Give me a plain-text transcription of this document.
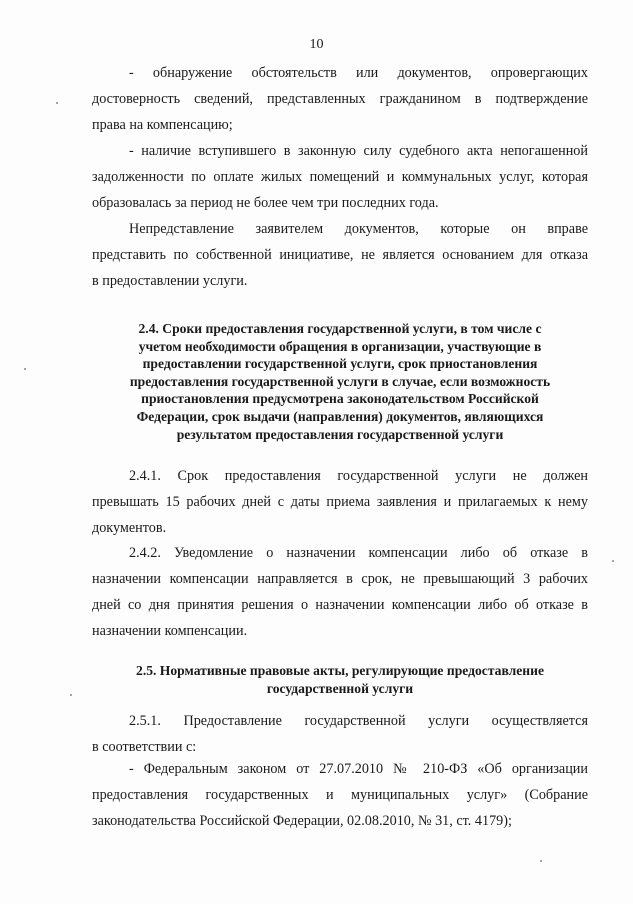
10

- обнаружение обстоятельств или документов, опровергающих

достоверность сведений, представленных гражданином в подтверждение

права на компенсацию;

- наличие вступившего в законную силу судебного акта непогашенной

задолженности по оплате жилых помещений и коммунальных услуг, которая

образовалась за период не более чем три последних года.

Непредставление заявителем документов, которые он вправе

представить по собственной инициативе, не является основанием для отказа

в предоставлении услуги.

2.4. Сроки предоставления государственной услуги, в том числе с

учетом необходимости обращения в организации, участвующие в

предоставлении государственной услуги, срок приостановления

предоставления государственной услуги в случае, если возможность

приостановления предусмотрена законодательством Российской

Федерации, срок выдачи (направления) документов, являющихся

результатом предоставления государственной услуги

2.4.1. Срок предоставления государственной услуги не должен

превышать 15 рабочих дней с даты приема заявления и прилагаемых к нему

документов.

2.4.2. Уведомление о назначении компенсации либо об отказе в

назначении компенсации направляется в срок, не превышающий 3 рабочих

дней со дня принятия решения о назначении компенсации либо об отказе в

назначении компенсации.

2.5. Нормативные правовые акты, регулирующие предоставление

государственной услуги

2.5.1. Предоставление государственной услуги осуществляется

в соответствии с:

- Федеральным законом от 27.07.2010 № 210-ФЗ «Об организации

предоставления государственных и муниципальных услуг» (Собрание

законодательства Российской Федерации, 02.08.2010, № 31, ст. 4179);
